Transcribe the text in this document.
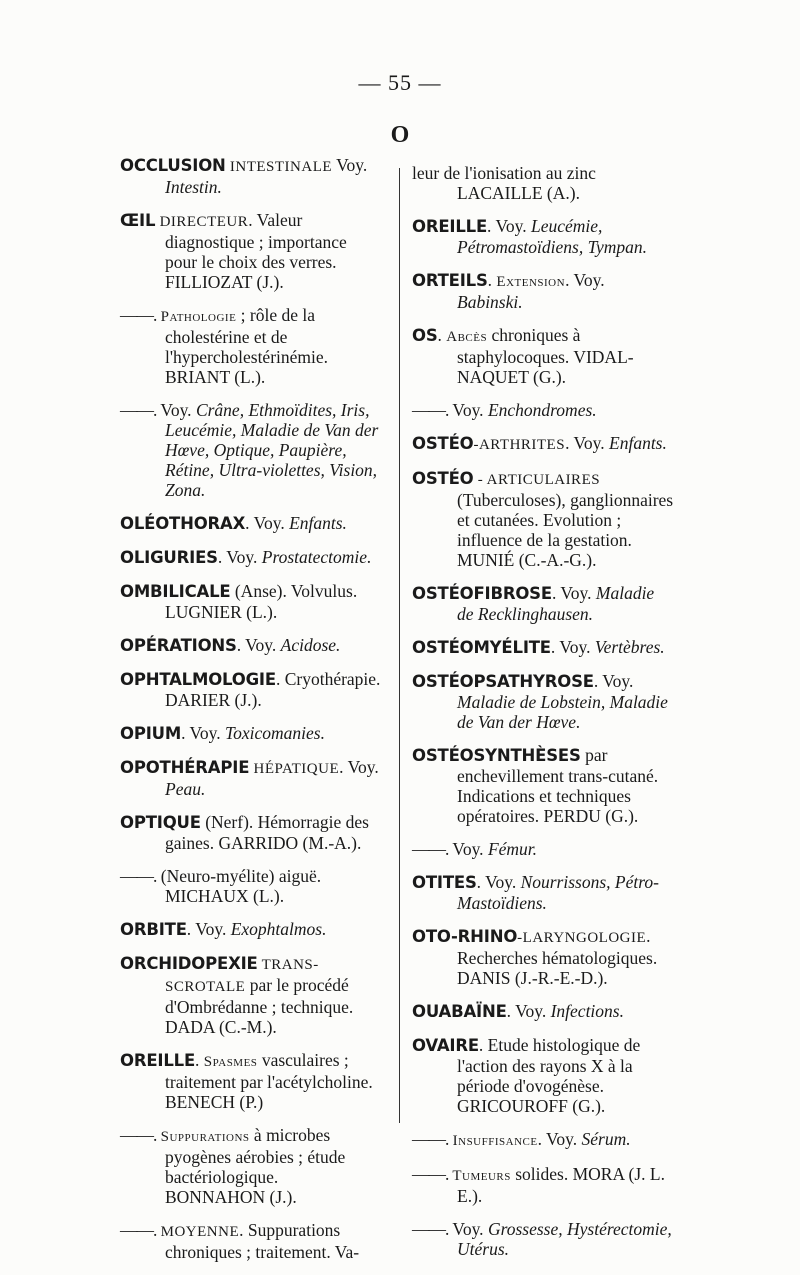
— 55 —
O
OCCLUSION INTESTINALE Voy. Intestin.
ŒIL DIRECTEUR. Valeur diagnostique ; importance pour le choix des verres. FILLIOZAT (J.).
——. Pathologie ; rôle de la cholestérine et de l'hypercholestérinémie. BRIANT (L.).
——. Voy. Crâne, Ethmoïdites, Iris, Leucémie, Maladie de Van der Hœve, Optique, Paupière, Rétine, Ultra-violettes, Vision, Zona.
OLÉOTHORAX. Voy. Enfants.
OLIGURIES. Voy. Prostatectomie.
OMBILICALE (Anse). Volvulus. LUGNIER (L.).
OPÉRATIONS. Voy. Acidose.
OPHTALMOLOGIE. Cryothérapie. DARIER (J.).
OPIUM. Voy. Toxicomanies.
OPOTHÉRAPIE HÉPATIQUE. Voy. Peau.
OPTIQUE (Nerf). Hémorragie des gaines. GARRIDO (M.-A.).
——. (Neuro-myélite) aiguë. MICHAUX (L.).
ORBITE. Voy. Exophtalmos.
ORCHIDOPEXIE TRANS-SCROTALE par le procédé d'Ombrédanne ; technique. DADA (C.-M.).
OREILLE. Spasmes vasculaires ; traitement par l'acétylcholine. BENECH (P.)
——. Suppurations à microbes pyogènes aérobies ; étude bactériologique. BONNAHON (J.).
——. MOYENNE. Suppurations chroniques ; traitement. Va-
leur de l'ionisation au zinc LACAILLE (A.).
OREILLE. Voy. Leucémie, Pétromastoïdiens, Tympan.
ORTEILS. Extension. Voy. Babinski.
OS. Abcès chroniques à staphylocoques. VIDAL-NAQUET (G.).
——. Voy. Enchondromes.
OSTÉO-ARTHRITES. Voy. Enfants.
OSTÉO - ARTICULAIRES (Tuberculoses), ganglionnaires et cutanées. Evolution ; influence de la gestation. MUNIÉ (C.-A.-G.).
OSTÉOFIBROSE. Voy. Maladie de Recklinghausen.
OSTÉOMYÉLITE. Voy. Vertèbres.
OSTÉOPSATHYROSE. Voy. Maladie de Lobstein, Maladie de Van der Hœve.
OSTÉOSYNTHÈSES par enchevillement trans-cutané. Indications et techniques opératoires. PERDU (G.).
——. Voy. Fémur.
OTITES. Voy. Nourrissons, Pétro-Mastoïdiens.
OTO-RHINO-LARYNGOLOGIE. Recherches hématologiques. DANIS (J.-R.-E.-D.).
OUABAÏNE. Voy. Infections.
OVAIRE. Etude histologique de l'action des rayons X à la période d'ovogénèse. GRICOUROFF (G.).
——. Insuffisance. Voy. Sérum.
——. Tumeurs solides. MORA (J. L. E.).
——. Voy. Grossesse, Hystérectomie, Utérus.
